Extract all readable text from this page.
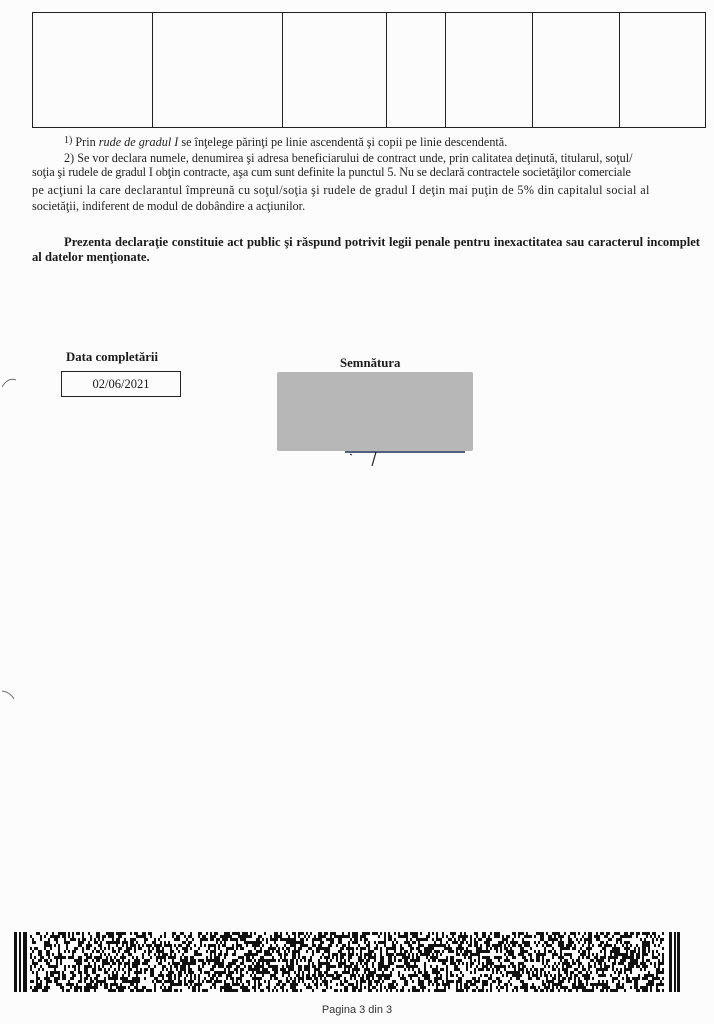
$^{1)}$ Prin rude de gradul I se înţelege părinţi pe linie ascendentă şi copii pe linie descendentă.
2) Se vor declara numele, denumirea şi adresa beneficiarului de contract unde, prin calitatea deţinută, titularul, soţul/
soţia şi rudele de gradul I obţin contracte, aşa cum sunt definite la punctul 5. Nu se declară contractele societăţilor comerciale
pe acţiuni la care declarantul împreună cu soţul/soţia şi rudele de gradul I deţin mai puţin de 5% din capitalul social al
societăţii, indiferent de modul de dobândire a acţiunilor.
Prezenta declaraţie constituie act public şi răspund potrivit legii penale pentru inexactitatea sau caracterul incomplet al datelor menţionate.
Data completării
02/06/2021
Semnătura
Pagina 3 din 3
